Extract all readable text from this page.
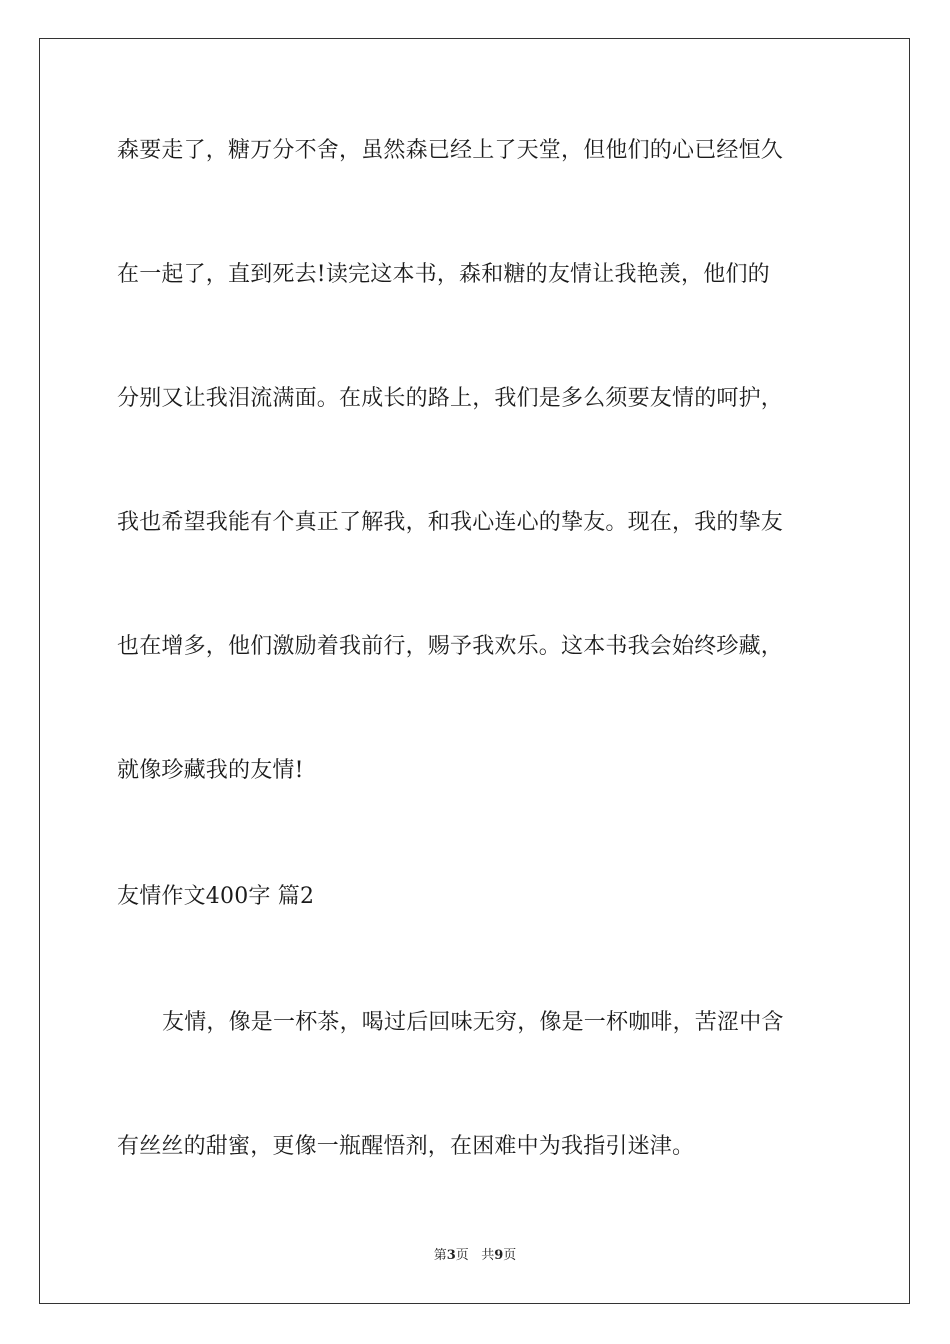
森要走了，糖万分不舍，虽然森已经上了天堂，但他们的心已经恒久
在一起了，直到死去!读完这本书，森和糖的友情让我艳羡，他们的
分别又让我泪流满面。在成长的路上，我们是多么须要友情的呵护，
我也希望我能有个真正了解我，和我心连心的挚友。现在，我的挚友
也在增多，他们激励着我前行，赐予我欢乐。这本书我会始终珍藏，
就像珍藏我的友情!
友情作文400字 篇2
友情，像是一杯茶，喝过后回味无穷，像是一杯咖啡，苦涩中含
有丝丝的甜蜜，更像一瓶醒悟剂，在困难中为我指引迷津。
第3页 共9页
